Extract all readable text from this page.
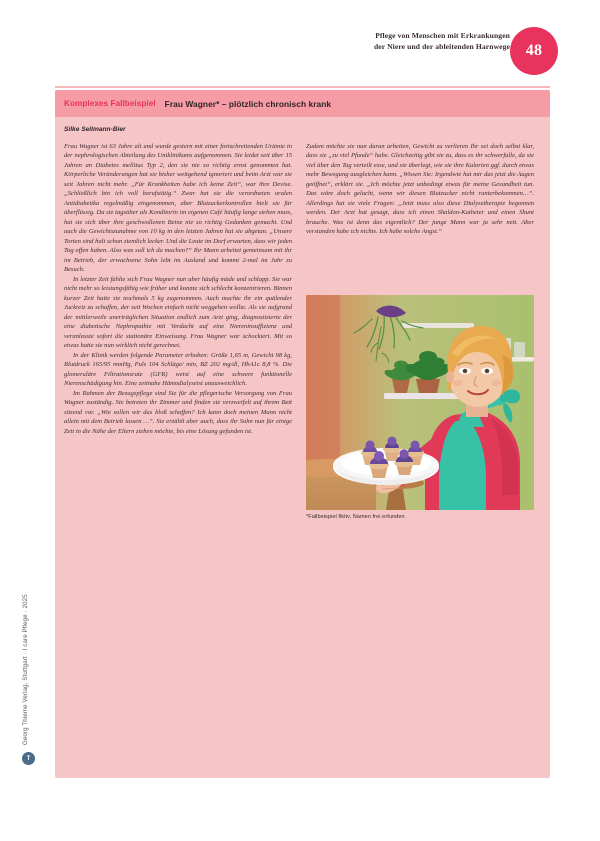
Pflege von Menschen mit Erkrankungen
der Niere und der ableitenden Harnwege 48
Komplexes Fallbeispiel Frau Wagner* – plötzlich chronisch krank
Silke Sellmann-Bier

Frau Wagner ist 63 Jahre alt und wurde gestern mit einer fortschreitenden Urämie in der nephrologischen Abteilung des Uniklinikums aufgenommen. Sie leidet seit über 15 Jahren an Diabetes mellitus Typ 2, den sie nie so richtig ernst genommen hat. Körperliche Veränderungen hat sie bisher weitgehend ignoriert und beim Arzt war sie seit Jahren nicht mehr. „Für Krankheiten habe ich keine Zeit“, war ihre Devise. „Schließlich bin ich voll berufstätig.“ Zwar hat sie die verordneten oralen Antidiabetika regelmäßig eingenommen, aber Blutzuckerkontrollen hielt sie für überflüssig. Da sie tagsüber als Konditorin im eigenen Café häufig lange stehen muss, hat sie sich über ihre geschwollenen Beine nie so richtig Gedanken gemacht. Und auch die Gewichtszunahme von 10 kg in den letzten Jahren hat sie abgetan. „Unsere Torten sind halt schon ziemlich lecker. Und die Leute im Dorf erwarten, dass wir jeden Tag offen haben. Also was soll ich da machen?“ Ihr Mann arbeitet gemeinsam mit ihr im Betrieb, der erwachsene Sohn lebt im Ausland und kommt 2-mal im Jahr zu Besuch.

In letzter Zeit fühlte sich Frau Wagner nun aber häufig müde und schlapp. Sie war nicht mehr so leistungsfähig wie früher und konnte sich schlecht konzentrieren. Binnen kurzer Zeit hatte sie nochmals 5 kg zugenommen. Auch machte ihr ein quälender Juckreiz zu schaffen, der seit Wochen einfach nicht weggehen wollte. Als sie aufgrund der mittlerweile unerträglichen Situation endlich zum Arzt ging, diagnostizierte der eine diabetische Nephropathie mit Verdacht auf eine Niereninsuffizienz und veranlasste sofort die stationäre Einweisung. Frau Wagner war schockiert. Mit so etwas hatte sie nun wirklich nicht gerechnet.

In der Klinik werden folgende Parameter erhoben: Größe 1,65 m, Gewicht 98 kg, Blutdruck 165/95 mmHg, Puls 104 Schläge/ min, BZ 202 mg/dl, HbA1c 8,8 %. Die glomeruläre Filtrationsrate (GFR) weist auf eine schwere funktionelle Nierenschädigung hin. Eine zeitnahe Hämodialyseist unausweichlich.

Im Rahmen der Bezugspflege sind Sie für die pflegerische Versorgung von Frau Wagner zuständig. Sie betreten ihr Zimmer und finden sie verzweifelt auf ihrem Bett sitzend vor. „Wie sollen wir das bloß schaffen? Ich kann doch meinen Mann nicht allein mit dem Betrieb lassen …“. Sie erzählt aber auch, dass ihr Sohn nun für einige Zeit in die Nähe der Eltern ziehen möchte, bis eine Lösung gefunden ist.

Zudem möchte sie nun daran arbeiten, Gewicht zu verlieren Ihr sei doch selbst klar, dass sie „zu viel Pfunde“ habe. Gleichzeitig gibt sie zu, dass es ihr schwerfalle, da sie viel über den Tag verteilt esse, und sie überlegt, wie sie ihre Kalorien ggf. durch etwas mehr Bewegung ausgleichen kann. „Wissen Sie: Irgendwie hat mir das jetzt die Augen geöffnet“, erklärt sie. „Ich möchte jetzt unbedingt etwas für meine Gesundheit tun. Das wäre doch gelacht, wenn wir diesen Blutzucker nicht runterbekommen…“. Allerdings hat sie viele Fragen: „Jetzt muss also diese Dialysetherapie begonnen werden. Der Arzt hat gesagt, dass ich einen Shaldon-Katheter und einen Shunt brauche. Was ist denn das eigentlich? Der junge Mann war ja sehr nett. Aber verstanden habe ich nichts. Ich habe solche Angst.“

*Fallbeispiel fiktiv, Namen frei erfunden
Georg Thieme Verlag, Stuttgart · I care Pflege · 2025
T
